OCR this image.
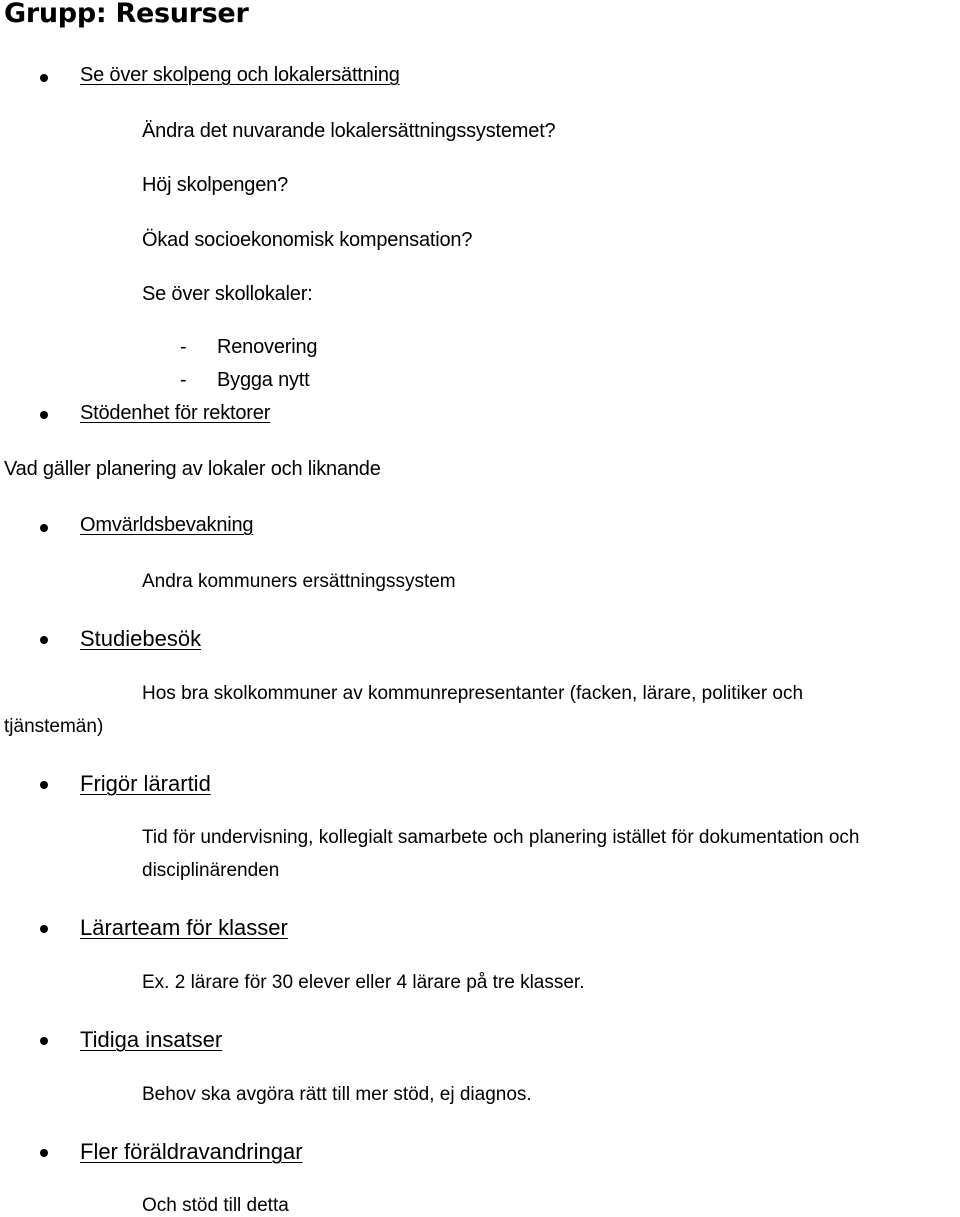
Grupp: Resurser
Se över skolpeng och lokalersättning
Ändra det nuvarande lokalersättningssystemet?
Höj skolpengen?
Ökad socioekonomisk kompensation?
Se över skollokaler:
- Renovering
- Bygga nytt
Stödenhet för rektorer
Vad gäller planering av lokaler och liknande
Omvärldsbevakning
Andra kommuners ersättningssystem
Studiebesök
Hos bra skolkommuner av kommunrepresentanter (facken, lärare, politiker och
tjänstemän)
Frigör lärartid
Tid för undervisning, kollegialt samarbete och planering istället för dokumentation och
disciplinärenden
Lärarteam för klasser
Ex. 2 lärare för 30 elever eller 4 lärare på tre klasser.
Tidiga insatser
Behov ska avgöra rätt till mer stöd, ej diagnos.
Fler föräldravandringar
Och stöd till detta
